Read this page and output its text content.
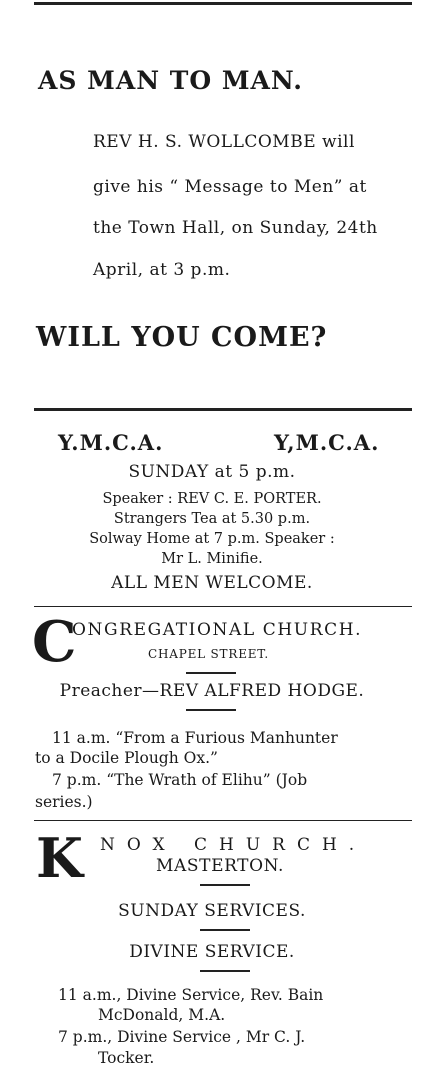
AS MAN TO MAN.
REV H. S. WOLLCOMBE will
give his “ Message to Men” at
the Town Hall, on Sunday, 24th
April, at 3 p.m.
WILL YOU COME?
Y.M.C.A.	Y,M.C.A.
SUNDAY at 5 p.m.
Speaker : REV C. E. PORTER.
Strangers Tea at 5.30 p.m.
Solway Home at 7 p.m. Speaker :
Mr L. Minifie.
ALL MEN WELCOME.
C
ONGREGATIONAL CHURCH.
CHAPEL STREET.
Preacher—REV ALFRED HODGE.
11 a.m. “From a Furious Manhunter
to a Docile Plough Ox.”
7 p.m. “The Wrath of Elihu” (Job
series.)
K NOX CHURCH.
MASTERTON.
SUNDAY SERVICES.
DIVINE SERVICE.
11 a.m., Divine Service, Rev. Bain
McDonald, M.A.
7 p.m., Divine Service , Mr C. J.
Tocker.
